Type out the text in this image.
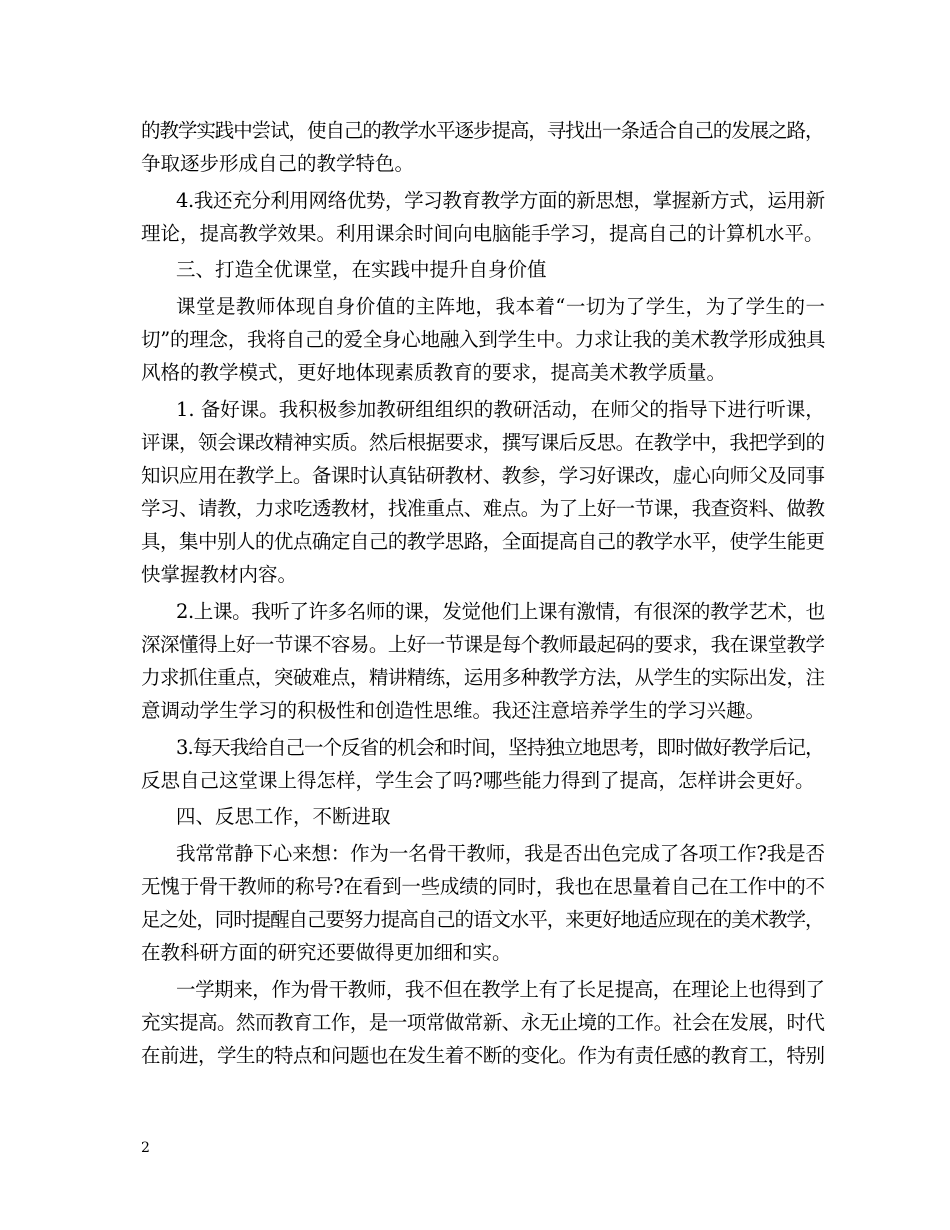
的教学实践中尝试，使自己的教学水平逐步提高，寻找出一条适合自己的发展之路，
争取逐步形成自己的教学特色。
4.我还充分利用网络优势，学习教育教学方面的新思想，掌握新方式，运用新
理论，提高教学效果。利用课余时间向电脑能手学习，提高自己的计算机水平。
三、打造全优课堂，在实践中提升自身价值
课堂是教师体现自身价值的主阵地，我本着“一切为了学生，为了学生的一
切”的理念，我将自己的爱全身心地融入到学生中。力求让我的美术教学形成独具
风格的教学模式，更好地体现素质教育的要求，提高美术教学质量。
1. 备好课。我积极参加教研组组织的教研活动，在师父的指导下进行听课，
评课，领会课改精神实质。然后根据要求，撰写课后反思。在教学中，我把学到的
知识应用在教学上。备课时认真钻研教材、教参，学习好课改，虚心向师父及同事
学习、请教，力求吃透教材，找准重点、难点。为了上好一节课，我查资料、做教
具，集中别人的优点确定自己的教学思路，全面提高自己的教学水平，使学生能更
快掌握教材内容。
2.上课。我听了许多名师的课，发觉他们上课有激情，有很深的教学艺术，也
深深懂得上好一节课不容易。上好一节课是每个教师最起码的要求，我在课堂教学
力求抓住重点，突破难点，精讲精练，运用多种教学方法，从学生的实际出发，注
意调动学生学习的积极性和创造性思维。我还注意培养学生的学习兴趣。
3.每天我给自己一个反省的机会和时间，坚持独立地思考，即时做好教学后记，
反思自己这堂课上得怎样，学生会了吗?哪些能力得到了提高，怎样讲会更好。
四、反思工作，不断进取
我常常静下心来想：作为一名骨干教师，我是否出色完成了各项工作?我是否
无愧于骨干教师的称号?在看到一些成绩的同时，我也在思量着自己在工作中的不
足之处，同时提醒自己要努力提高自己的语文水平，来更好地适应现在的美术教学，
在教科研方面的研究还要做得更加细和实。
一学期来，作为骨干教师，我不但在教学上有了长足提高，在理论上也得到了
充实提高。然而教育工作，是一项常做常新、永无止境的工作。社会在发展，时代
在前进，学生的特点和问题也在发生着不断的变化。作为有责任感的教育工，特别
2
